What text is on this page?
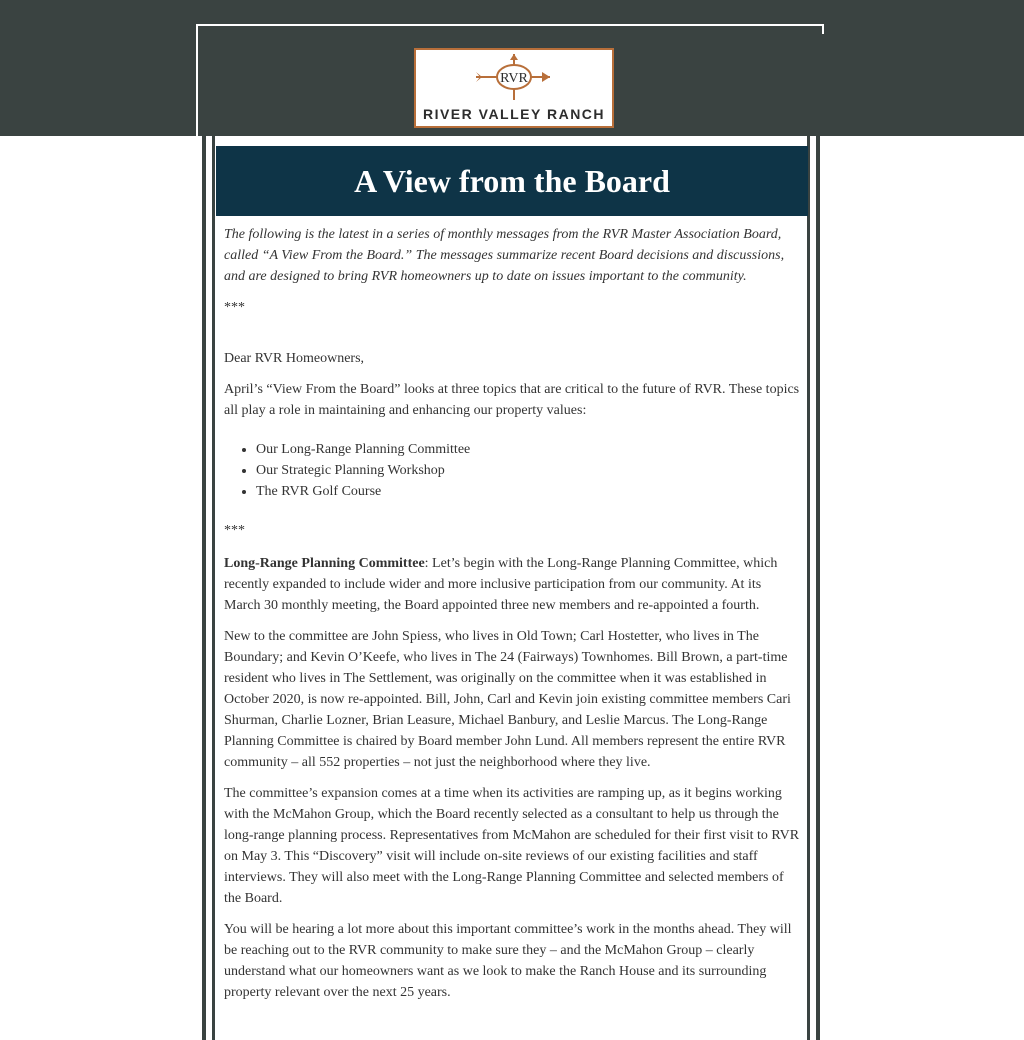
RVR
RIVER VALLEY RANCH
A View from the Board

The following is the latest in a series of monthly messages from the RVR Master Association Board, called “A View From the Board.” The messages summarize recent Board decisions and discussions, and are designed to bring RVR homeowners up to date on issues important to the community.

***

Dear RVR Homeowners,

April’s “View From the Board” looks at three topics that are critical to the future of RVR. These topics all play a role in maintaining and enhancing our property values:

• Our Long-Range Planning Committee
• Our Strategic Planning Workshop
• The RVR Golf Course

***

Long-Range Planning Committee: Let’s begin with the Long-Range Planning Committee, which recently expanded to include wider and more inclusive participation from our community. At its March 30 monthly meeting, the Board appointed three new members and re-appointed a fourth.

New to the committee are John Spiess, who lives in Old Town; Carl Hostetter, who lives in The Boundary; and Kevin O’Keefe, who lives in The 24 (Fairways) Townhomes. Bill Brown, a part-time resident who lives in The Settlement, was originally on the committee when it was established in October 2020, is now re-appointed. Bill, John, Carl and Kevin join existing committee members Cari Shurman, Charlie Lozner, Brian Leasure, Michael Banbury, and Leslie Marcus. The Long-Range Planning Committee is chaired by Board member John Lund. All members represent the entire RVR community – all 552 properties – not just the neighborhood where they live.

The committee’s expansion comes at a time when its activities are ramping up, as it begins working with the McMahon Group, which the Board recently selected as a consultant to help us through the long-range planning process. Representatives from McMahon are scheduled for their first visit to RVR on May 3. This “Discovery” visit will include on-site reviews of our existing facilities and staff interviews. They will also meet with the Long-Range Planning Committee and selected members of the Board.

You will be hearing a lot more about this important committee’s work in the months ahead. They will be reaching out to the RVR community to make sure they – and the McMahon Group – clearly understand what our homeowners want as we look to make the Ranch House and its surrounding property relevant over the next 25 years.
